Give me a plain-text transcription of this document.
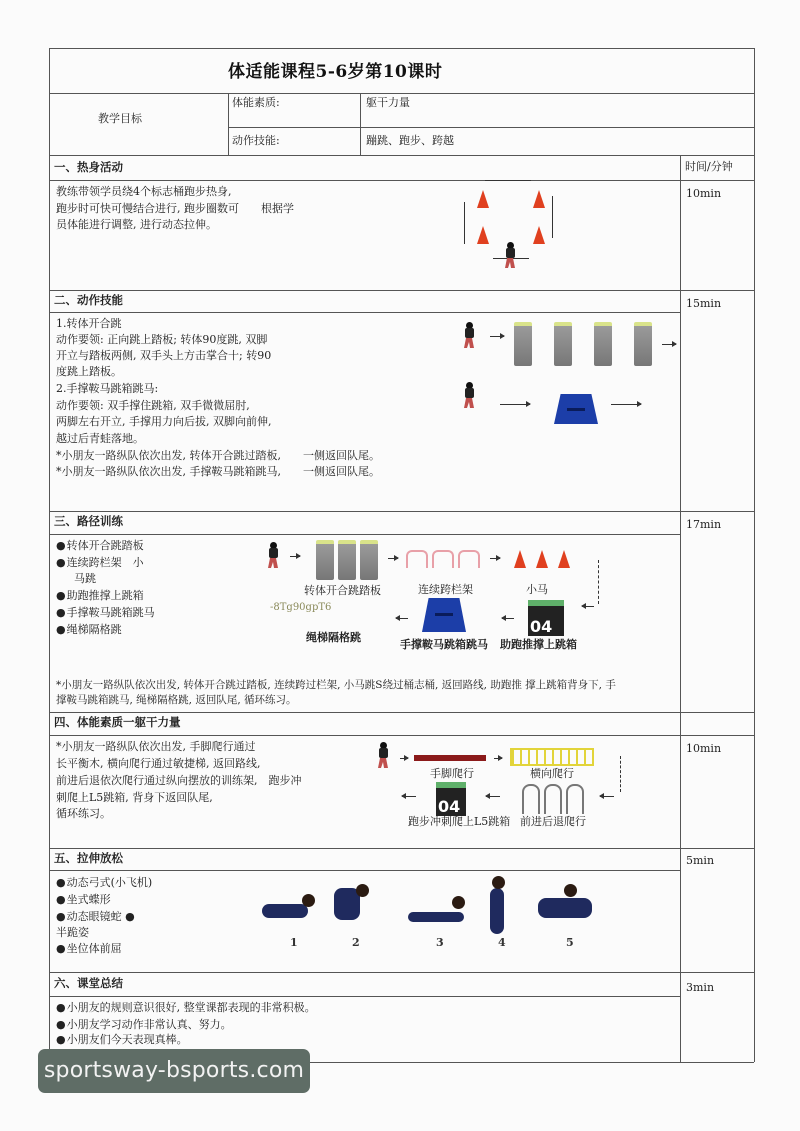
体适能课程5-6岁第10课时
教学目标
体能素质:	躯干力量
动作技能:	蹦跳、跑步、跨越
时间/分钟
一、热身活动
教练带领学员绕4个标志桶跑步热身,
跑步时可快可慢结合进行, 跑步圈数可　　根据学
员体能进行调整, 进行动态拉伸。
10min
二、动作技能	15min
1.转体开合跳
动作要领: 正向跳上踏板; 转体90度跳, 双脚
开立与踏板两侧, 双手头上方击掌合十; 转90
度跳上踏板。
2.手撑鞍马跳箱跳马:
动作要领: 双手撑住跳箱, 双手微微屈肘,
两脚左右开立, 手撑用力向后拔, 双脚向前伸,
越过后青蛙落地。
*小朋友一路纵队依次出发, 转体开合跳过踏板,　　一侧返回队尾。
*小朋友一路纵队依次出发, 手撑鞍马跳箱跳马,　　一侧返回队尾。
三、路径训练	17min
● 转体开合跳踏板
● 连续跨栏架　小
马跳
● 助跑推撑上跳箱
● 手撑鞍马跳箱跳马
● 绳梯隔格跳
转体开合跳踏板	连续跨栏架	小马
04
-8Tg90gpT6
绳梯隔格跳
手撑鞍马跳箱跳马 助跑推撑上跳箱
*小朋友一路纵队依次出发, 转体开合跳过踏板, 连续跨过栏架, 小马跳S绕过桶志桶, 返回路线, 助跑推 撑上跳箱背身下, 手
撑鞍马跳箱跳马, 绳梯隔格跳, 返回队尾, 循环练习。
四、体能素质一躯干力量
10min
*小朋友一路纵队依次出发, 手脚爬行通过
长平衡木, 横向爬行通过敏捷梯, 返回路线,
前进后退依次爬行通过纵向摆放的训练架,　跑步冲
刺爬上L5跳箱, 背身下返回队尾,
循环练习。
手脚爬行	横向爬行
04
跑步冲刺爬上L5跳箱 前进后退爬行
五、拉伸放松	5min
● 动态弓式(小飞机)
● 坐式蝶形
● 动态眼镜蛇 ●
半跪姿
● 坐位体前屈	1	2	3	4	5
六、课堂总结	3min
● 小朋友的规则意识很好, 整堂课都表现的非常积极。
● 小朋友学习动作非常认真、努力。
● 小朋友们今天表现真棒。
sportsway-bsports.com
